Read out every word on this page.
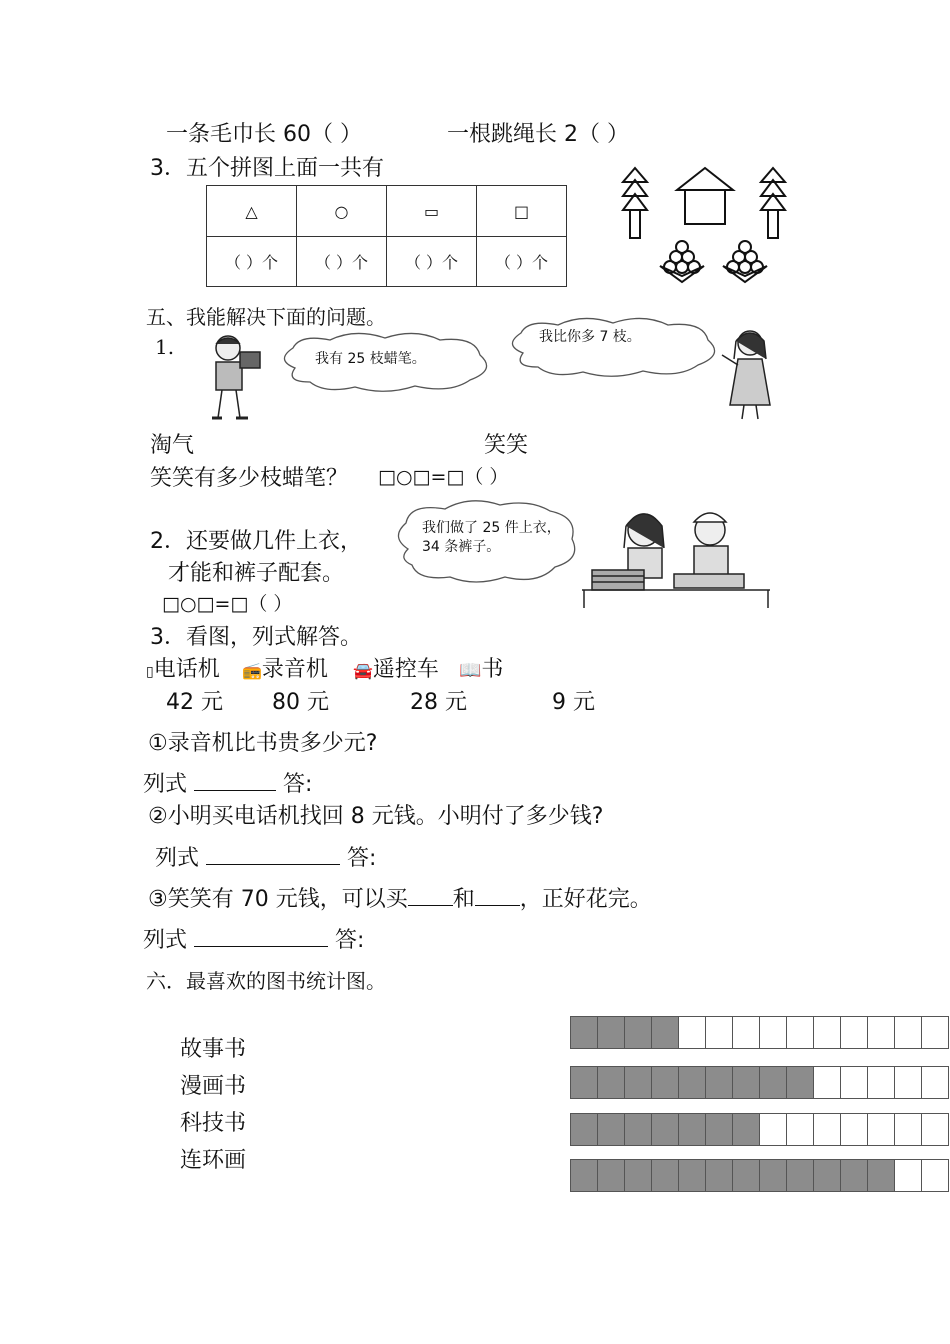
一条毛巾长 60（ ）	一根跳绳长 2（ ）
3．五个拼图上面一共有
△	○	▭	□
（ ）个	（ ）个	（ ）个	（ ）个
五、我能解决下面的问题。
1.	我有 25 枝蜡笔。
我比你多 7 枝。
淘气	笑笑
笑笑有多少枝蜡笔？ □○□=□（ ）
2．还要做几件上衣，
才能和裤子配套。
□○□=□（ ）
我们做了 25 件上衣，34 条裤子。
3．看图，列式解答。
▯电话机 📻录音机 🚘遥控车 📖书
42 元 80 元	28 元	9 元
①录音机比书贵多少元?
列式	答:
②小明买电话机找回 8 元钱。小明付了多少钱?
列式	答:
③笑笑有 70 元钱，可以买 和 ，正好花完。
列式	答:
六．最喜欢的图书统计图。
故事书
漫画书
科技书
连环画
